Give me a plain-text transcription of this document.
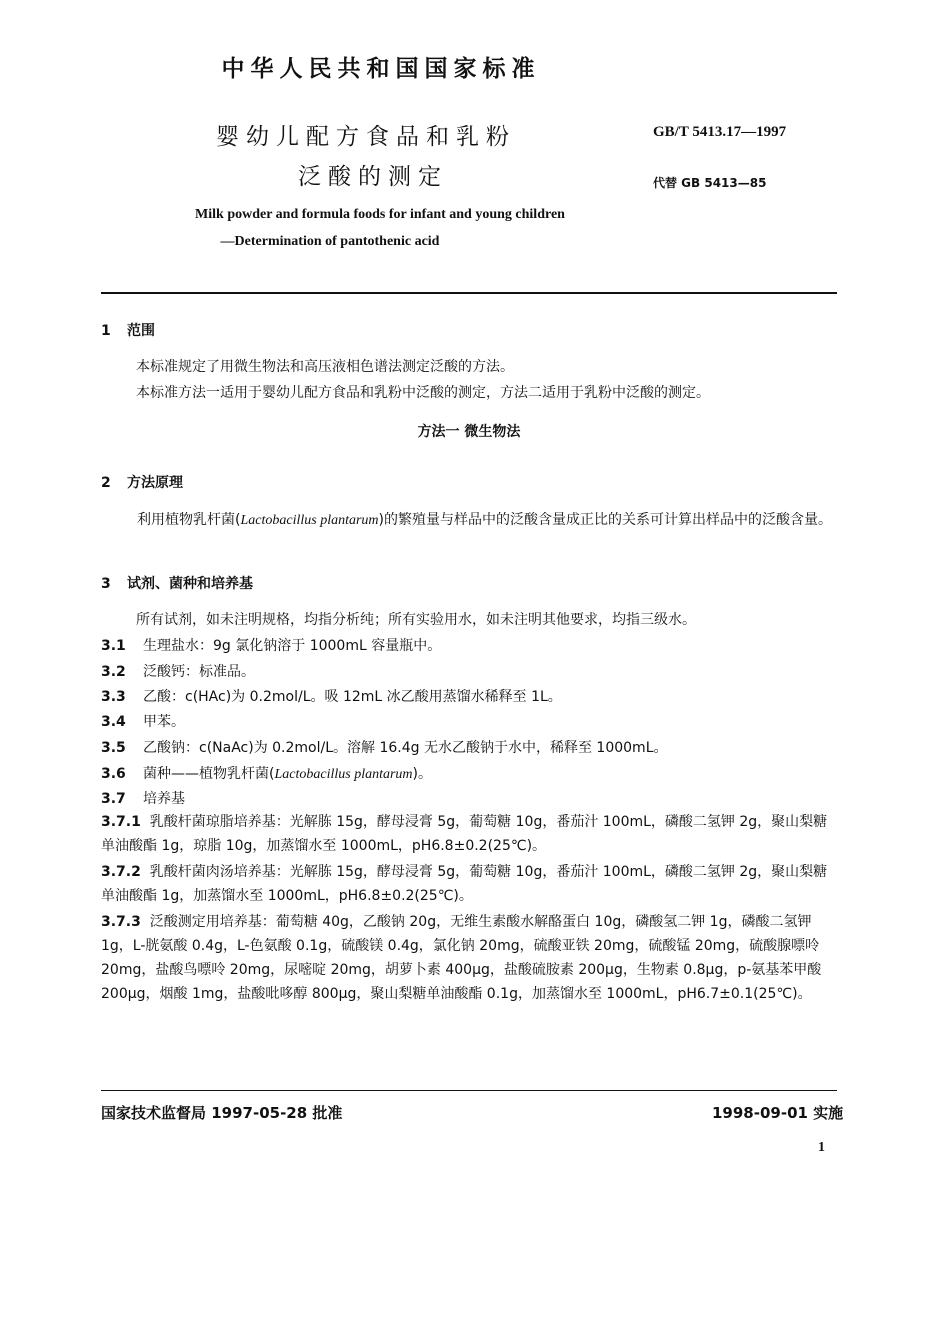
中华人民共和国国家标准
婴幼儿配方食品和乳粉
泛酸的测定
GB/T 5413.17—1997
代替 GB 5413—85
Milk powder and formula foods for infant and young children
—Determination of pantothenic acid
1 范围
本标准规定了用微生物法和高压液相色谱法测定泛酸的方法。
本标准方法一适用于婴幼儿配方食品和乳粉中泛酸的测定，方法二适用于乳粉中泛酸的测定。
方法一 微生物法
2 方法原理
利用植物乳杆菌(Lactobacillus plantarum)的繁殖量与样品中的泛酸含量成正比的关系可计算出样品中的泛酸含量。
3 试剂、菌种和培养基
所有试剂，如未注明规格，均指分析纯；所有实验用水，如未注明其他要求，均指三级水。
3.1 生理盐水：9g 氯化钠溶于 1000mL 容量瓶中。
3.2 泛酸钙：标准品。
3.3 乙酸：c(HAc)为 0.2mol/L。吸 12mL 冰乙酸用蒸馏水稀释至 1L。
3.4 甲苯。
3.5 乙酸钠：c(NaAc)为 0.2mol/L。溶解 16.4g 无水乙酸钠于水中，稀释至 1000mL。
3.6 菌种——植物乳杆菌(Lactobacillus plantarum)。
3.7 培养基
3.7.1 乳酸杆菌琼脂培养基：光解胨 15g，酵母浸膏 5g，葡萄糖 10g，番茄汁 100mL，磷酸二氢钾 2g，聚山梨糖单油酸酯 1g，琼脂 10g，加蒸馏水至 1000mL，pH6.8±0.2(25℃)。
3.7.2 乳酸杆菌肉汤培养基：光解胨 15g，酵母浸膏 5g，葡萄糖 10g，番茄汁 100mL，磷酸二氢钾 2g，聚山梨糖单油酸酯 1g，加蒸馏水至 1000mL，pH6.8±0.2(25℃)。
3.7.3 泛酸测定用培养基：葡萄糖 40g，乙酸钠 20g，无维生素酸水解酪蛋白 10g，磷酸氢二钾 1g，磷酸二氢钾 1g，L-胱氨酸 0.4g，L-色氨酸 0.1g，硫酸镁 0.4g，氯化钠 20mg，硫酸亚铁 20mg，硫酸锰 20mg，硫酸腺嘌呤 20mg，盐酸鸟嘌呤 20mg，尿嘧啶 20mg，胡萝卜素 400μg，盐酸硫胺素 200μg，生物素 0.8μg，p-氨基苯甲酸 200μg，烟酸 1mg，盐酸吡哆醇 800μg，聚山梨糖单油酸酯 0.1g，加蒸馏水至 1000mL，pH6.7±0.1(25℃)。
国家技术监督局 1997-05-28 批准	1998-09-01 实施
1
